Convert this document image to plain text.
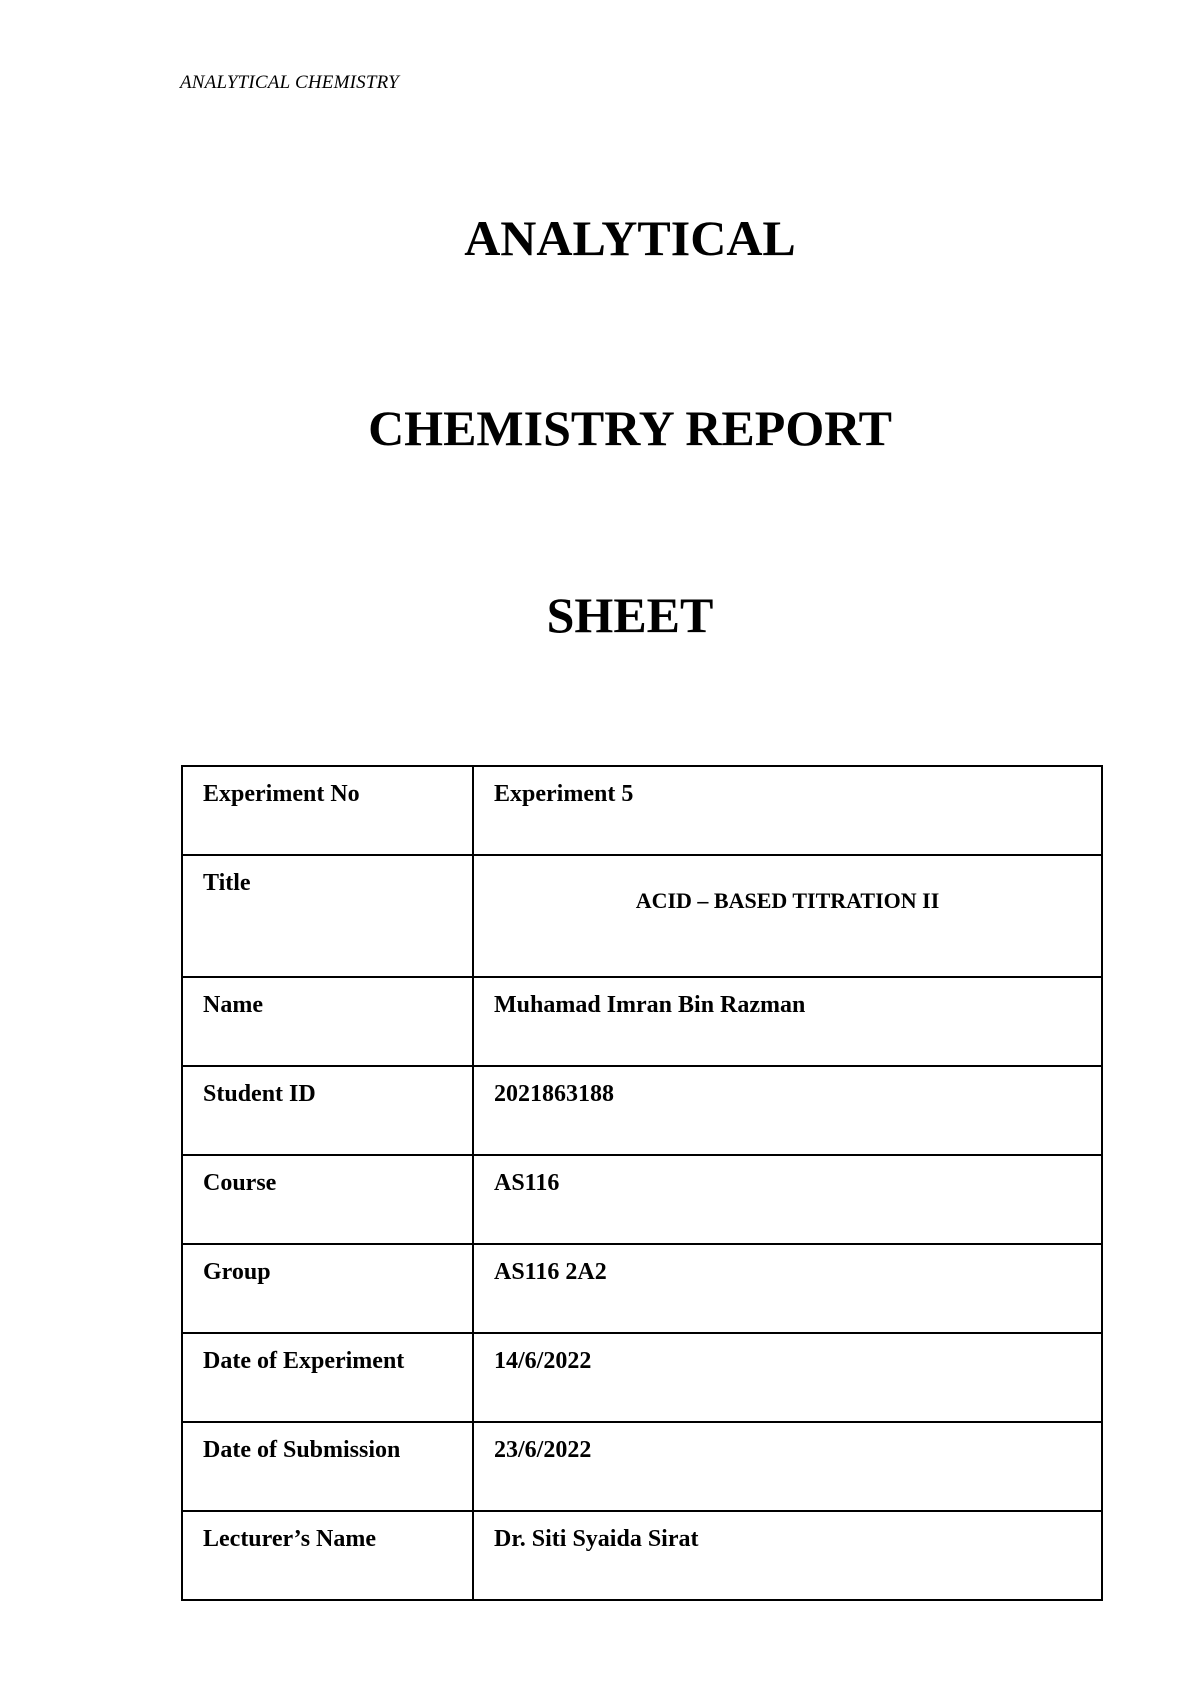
ANALYTICAL CHEMISTRY
ANALYTICAL
CHEMISTRY REPORT
SHEET
Experiment No	Experiment 5
Title	ACID – BASED TITRATION II

Name	Muhamad Imran Bin Razman
Student ID	2021863188
Course	AS116
Group	AS116 2A2
Date of Experiment	14/6/2022
Date of Submission	23/6/2022
Lecturer’s Name	Dr. Siti Syaida Sirat
